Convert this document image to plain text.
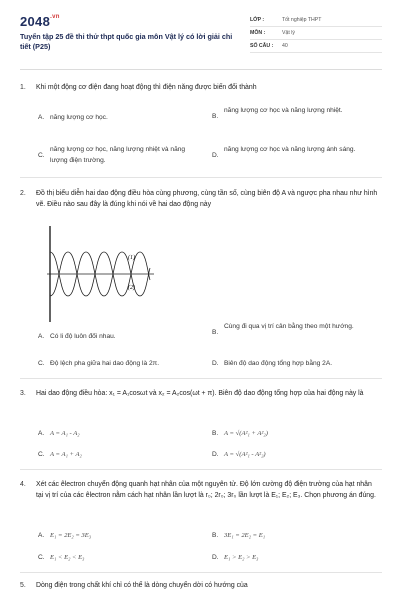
$2048^{.vn}$
Tuyển tập 25 đề thi thử thpt quốc gia môn Vật lý có lời giải chi tiết (P25)
LỚP :	Tốt nghiệp THPT
MÔN :	Vật lý
SỐ CÂU :	40
1.	Khi một động cơ điện đang hoạt động thì điện năng được biến đổi thành
A. năng lượng cơ học.	B.
năng lượng cơ học và năng lượng nhiệt.
C.
năng lượng cơ học, năng lượng nhiệt và năng lượng điện trường.
D.
năng lượng cơ học và năng lượng ánh sáng.
2.	Đồ thị biểu diễn hai dao động điều hòa cùng phương, cùng tần số, cùng biên độ A và ngược pha nhau như hình vẽ. Điều nào sau đây là đúng khi nói về hai dao động này
(1)
(2)
A. Có li độ luôn đối nhau.
B.
Cùng đi qua vị trí cân bằng theo một hướng.
C. Độ lệch pha giữa hai dao động là 2π.	D. Biên độ dao động tổng hợp bằng 2A.
3.	Hai dao động điều hòa: x₁ = A₁cosωt và x₂ = A₂cos(ωt + π). Biên độ dao động tổng hợp của hai động này là
A. A = A₁ - A₂	B. A = √(A²₁ + A²₂)
C. A = A₁ + A₂	D. A = √(A²₁ - A²₂)
4.	Xét các êlectron chuyển động quanh hạt nhân của một nguyên tử. Độ lớn cường độ điện trường của hạt nhân tại vị trí của các êlectron nằm cách hạt nhân lần lượt là r₀; 2r₀; 3r₀ lần lượt là E₁; E₂; E₃. Chọn phương án đúng.
A. E₁ = 2E₂ = 3E₃	B. 3E₁ = 2E₂ = E₁
C. E₁ < E₂ < E₃	D. E₁ > E₂ > E₃
5.	Dòng điện trong chất khí chỉ có thể là dòng chuyển dời có hướng của
